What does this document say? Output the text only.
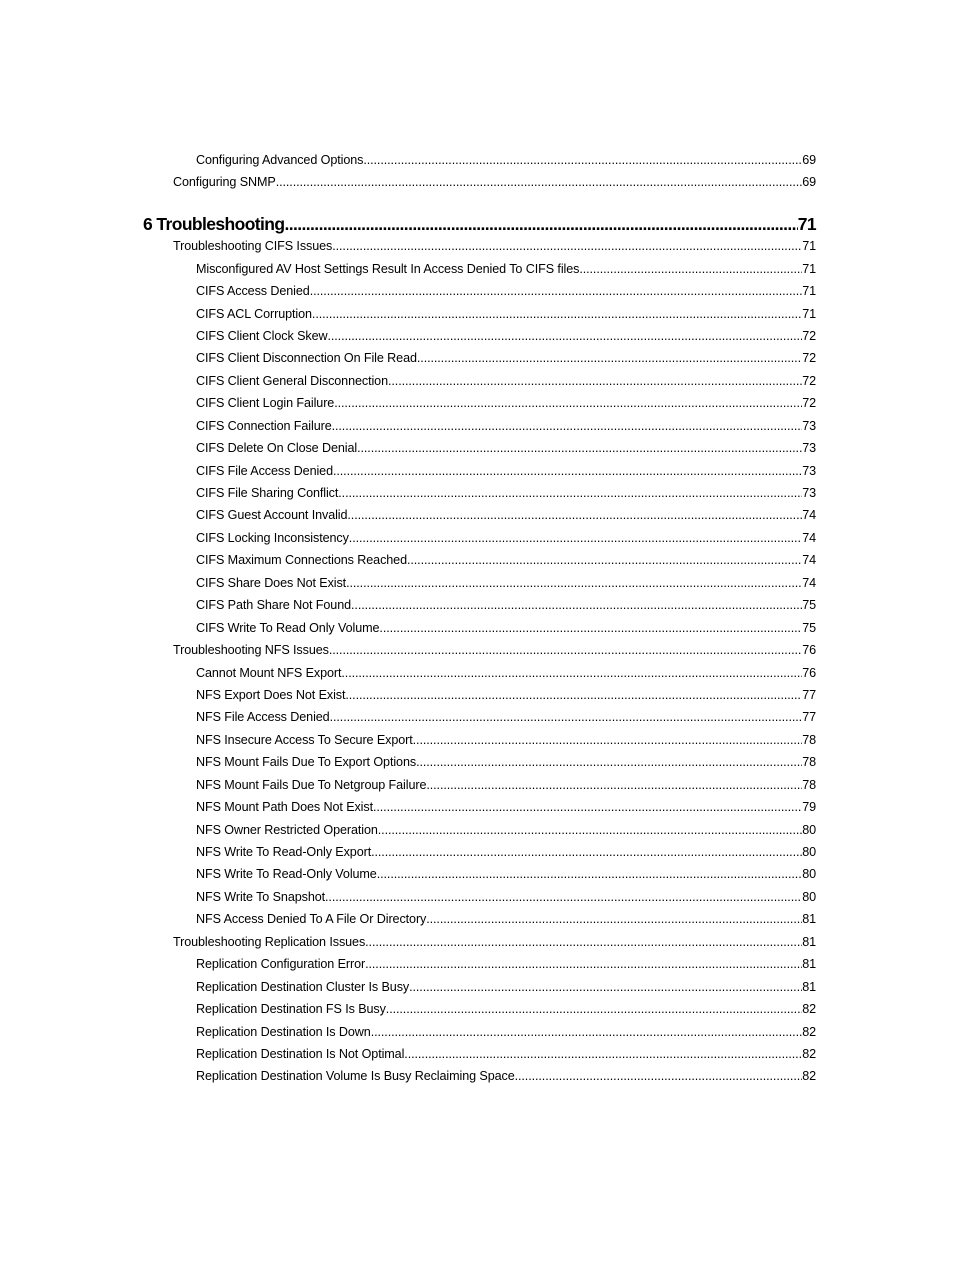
Configuring Advanced Options .....	69
Configuring SNMP .....	69
6 Troubleshooting .....	71
Troubleshooting CIFS Issues .....	71
Misconfigured AV Host Settings Result In Access Denied To CIFS files .....	71
CIFS Access Denied .....	71
CIFS ACL Corruption .....	71
CIFS Client Clock Skew .....	72
CIFS Client Disconnection On File Read .....	72
CIFS Client General Disconnection .....	72
CIFS Client Login Failure .....	72
CIFS Connection Failure .....	73
CIFS Delete On Close Denial .....	73
CIFS File Access Denied .....	73
CIFS File Sharing Conflict .....	73
CIFS Guest Account Invalid .....	74
CIFS Locking Inconsistency .....	74
CIFS Maximum Connections Reached .....	74
CIFS Share Does Not Exist .....	74
CIFS Path Share Not Found .....	75
CIFS Write To Read Only Volume .....	75
Troubleshooting NFS Issues .....	76
Cannot Mount NFS Export .....	76
NFS Export Does Not Exist .....	77
NFS File Access Denied .....	77
NFS Insecure Access To Secure Export .....	78
NFS Mount Fails Due To Export Options .....	78
NFS Mount Fails Due To Netgroup Failure .....	78
NFS Mount Path Does Not Exist .....	79
NFS Owner Restricted Operation .....	80
NFS Write To Read-Only Export .....	80
NFS Write To Read-Only Volume .....	80
NFS Write To Snapshot .....	80
NFS Access Denied To A File Or Directory .....	81
Troubleshooting Replication Issues .....	81
Replication Configuration Error .....	81
Replication Destination Cluster Is Busy .....	81
Replication Destination FS Is Busy .....	82
Replication Destination Is Down .....	82
Replication Destination Is Not Optimal .....	82
Replication Destination Volume Is Busy Reclaiming Space .....	82
